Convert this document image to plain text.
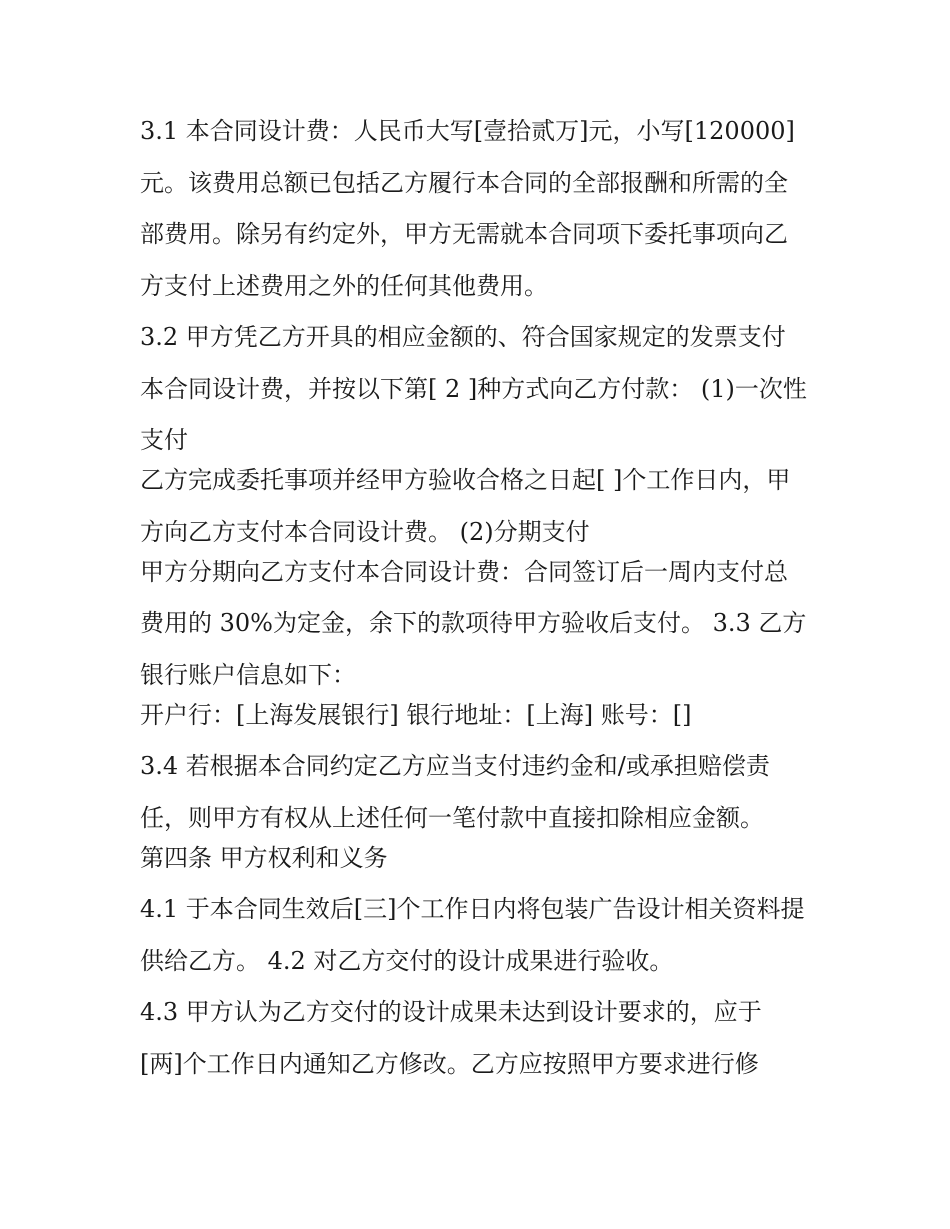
3.1 本合同设计费：人民币大写[壹拾贰万]元，小写[120000]
元。该费用总额已包括乙方履行本合同的全部报酬和所需的全
部费用。除另有约定外，甲方无需就本合同项下委托事项向乙
方支付上述费用之外的任何其他费用。
3.2 甲方凭乙方开具的相应金额的、符合国家规定的发票支付
本合同设计费，并按以下第[ 2 ]种方式向乙方付款： (1)一次性
支付
乙方完成委托事项并经甲方验收合格之日起[ ]个工作日内，甲
方向乙方支付本合同设计费。 (2)分期支付
甲方分期向乙方支付本合同设计费：合同签订后一周内支付总
费用的 30%为定金，余下的款项待甲方验收后支付。 3.3 乙方
银行账户信息如下：
开户行：[上海发展银行] 银行地址：[上海] 账号：[]
3.4 若根据本合同约定乙方应当支付违约金和/或承担赔偿责
任，则甲方有权从上述任何一笔付款中直接扣除相应金额。
第四条 甲方权利和义务
4.1 于本合同生效后[三]个工作日内将包装广告设计相关资料提
供给乙方。 4.2 对乙方交付的设计成果进行验收。
4.3 甲方认为乙方交付的设计成果未达到设计要求的，应于
[两]个工作日内通知乙方修改。乙方应按照甲方要求进行修
